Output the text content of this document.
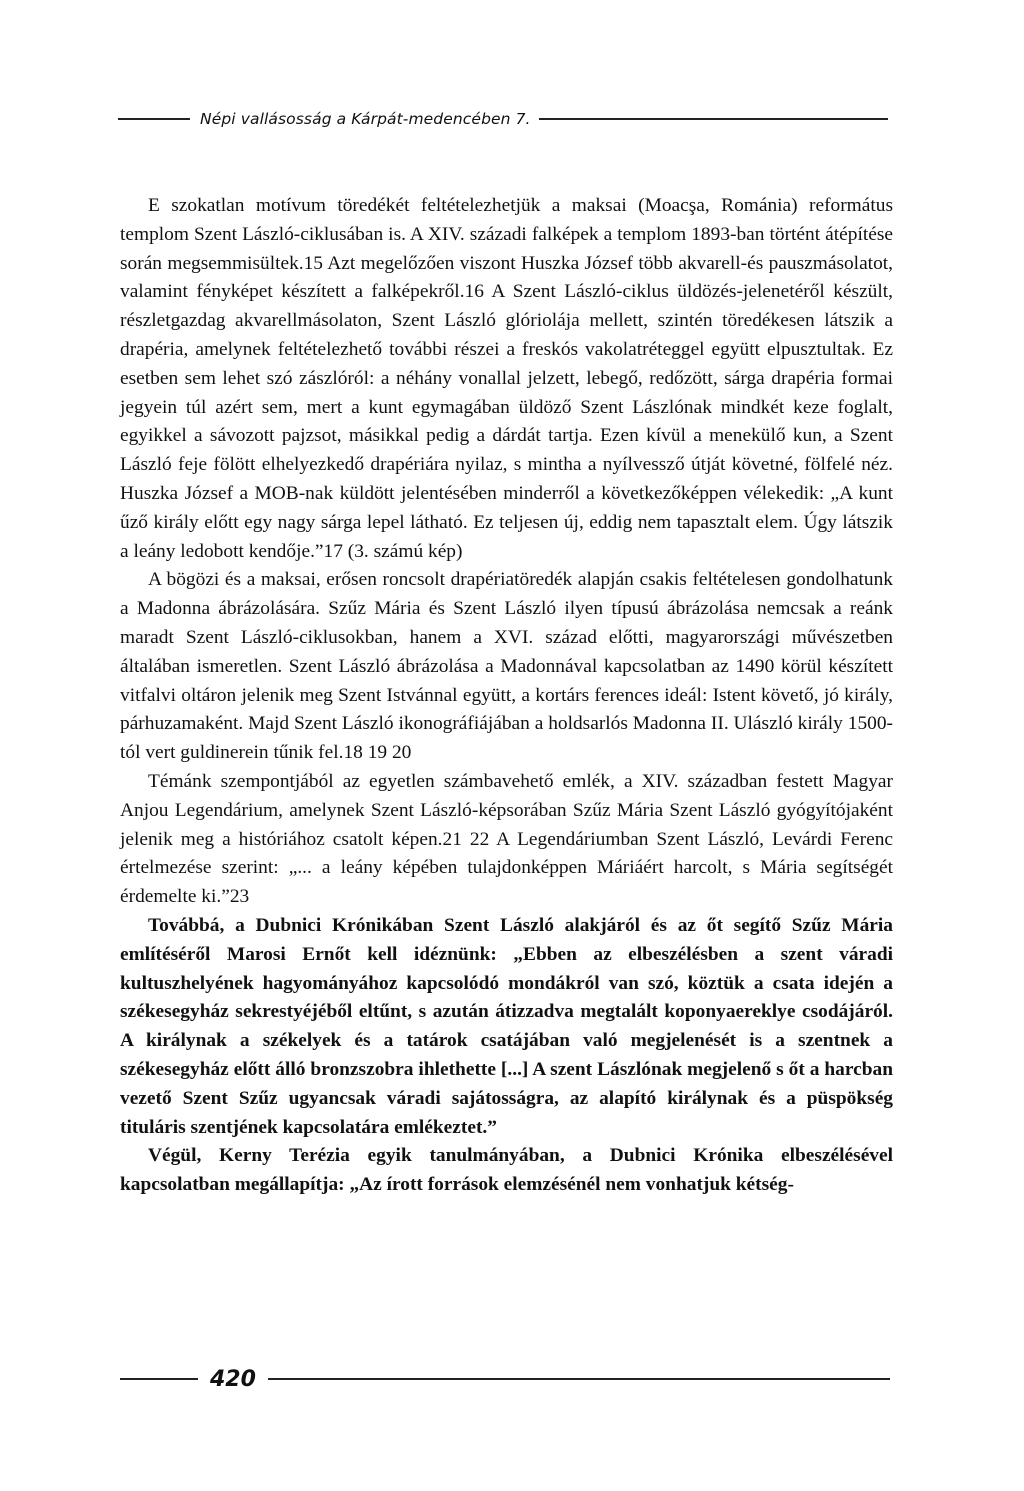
Népi vallásosság a Kárpát-medencében 7.

E szokatlan motívum töredékét feltételezhetjük a maksai (Moacşa, Románia) református templom Szent László-ciklusában is. A XIV. századi falképek a templom 1893-ban történt átépítése során megsemmisültek.15 Azt megelőzően viszont Huszka József több akvarell-és pauszmásolatot, valamint fényképet készített a falképekről.16 A Szent László-ciklus üldözés-jelenetéről készült, részletgazdag akvarellmásolaton, Szent László glóriolája mellett, szintén töredékesen látszik a drapéria, amelynek feltételezhető további részei a freskós vakolatréteggel együtt elpusztultak. Ez esetben sem lehet szó zászlóról: a néhány vonallal jelzett, lebegő, redőzött, sárga drapéria formai jegyein túl azért sem, mert a kunt egymagában üldöző Szent Lászlónak mindkét keze foglalt, egyikkel a sávozott pajzsot, másikkal pedig a dárdát tartja. Ezen kívül a menekülő kun, a Szent László feje fölött elhelyezkedő drapériára nyilaz, s mintha a nyílvessző útját követné, fölfelé néz. Huszka József a MOB-nak küldött jelentésében minderről a következőképpen vélekedik: „A kunt űző király előtt egy nagy sárga lepel látható. Ez teljesen új, eddig nem tapasztalt elem. Úgy látszik a leány ledobott kendője.”17 (3. számú kép)

A bögözi és a maksai, erősen roncsolt drapériatöredék alapján csakis feltételesen gondolhatunk a Madonna ábrázolására. Szűz Mária és Szent László ilyen típusú ábrázolása nemcsak a reánk maradt Szent László-ciklusokban, hanem a XVI. század előtti, magyarországi művészetben általában ismeretlen. Szent László ábrázolása a Madonnával kapcsolatban az 1490 körül készített vitfalvi oltáron jelenik meg Szent Istvánnal együtt, a kortárs ferences ideál: Istent követő, jó király, párhuzamaként. Majd Szent László ikonográfiájában a holdsarlós Madonna II. Ulászló király 1500-tól vert guldinerein tűnik fel.18 19 20

Témánk szempontjából az egyetlen számbavehető emlék, a XIV. században festett Magyar Anjou Legendárium, amelynek Szent László-képsorában Szűz Mária Szent László gyógyítójaként jelenik meg a históriához csatolt képen.21 22 A Legendáriumban Szent László, Levárdi Ferenc értelmezése szerint: „... a leány képében tulajdonképpen Máriáért harcolt, s Mária segítségét érdemelte ki.”23

Továbbá, a Dubnici Krónikában Szent László alakjáról és az őt segítő Szűz Mária említéséről Marosi Ernőt kell idéznünk: „Ebben az elbeszélésben a szent váradi kultuszhelyének hagyományához kapcsolódó mondákról van szó, köztük a csata idején a székesegyház sekrestyéjéből eltűnt, s azután átizzadva megtalált koponyaereklye csodájáról. A királynak a székelyek és a tatárok csatájában való megjelenését is a szentnek a székesegyház előtt álló bronzszobra ihlethette [...] A szent Lászlónak megjelenő s őt a harcban vezető Szent Szűz ugyancsak váradi sajátosságra, az alapító királynak és a püspökség tituláris szentjének kapcsolatára emlékeztet.”

Végül, Kerny Terézia egyik tanulmányában, a Dubnici Krónika elbeszélésével kapcsolatban megállapítja: „Az írott források elemzésénél nem vonhatjuk kétség-

420
